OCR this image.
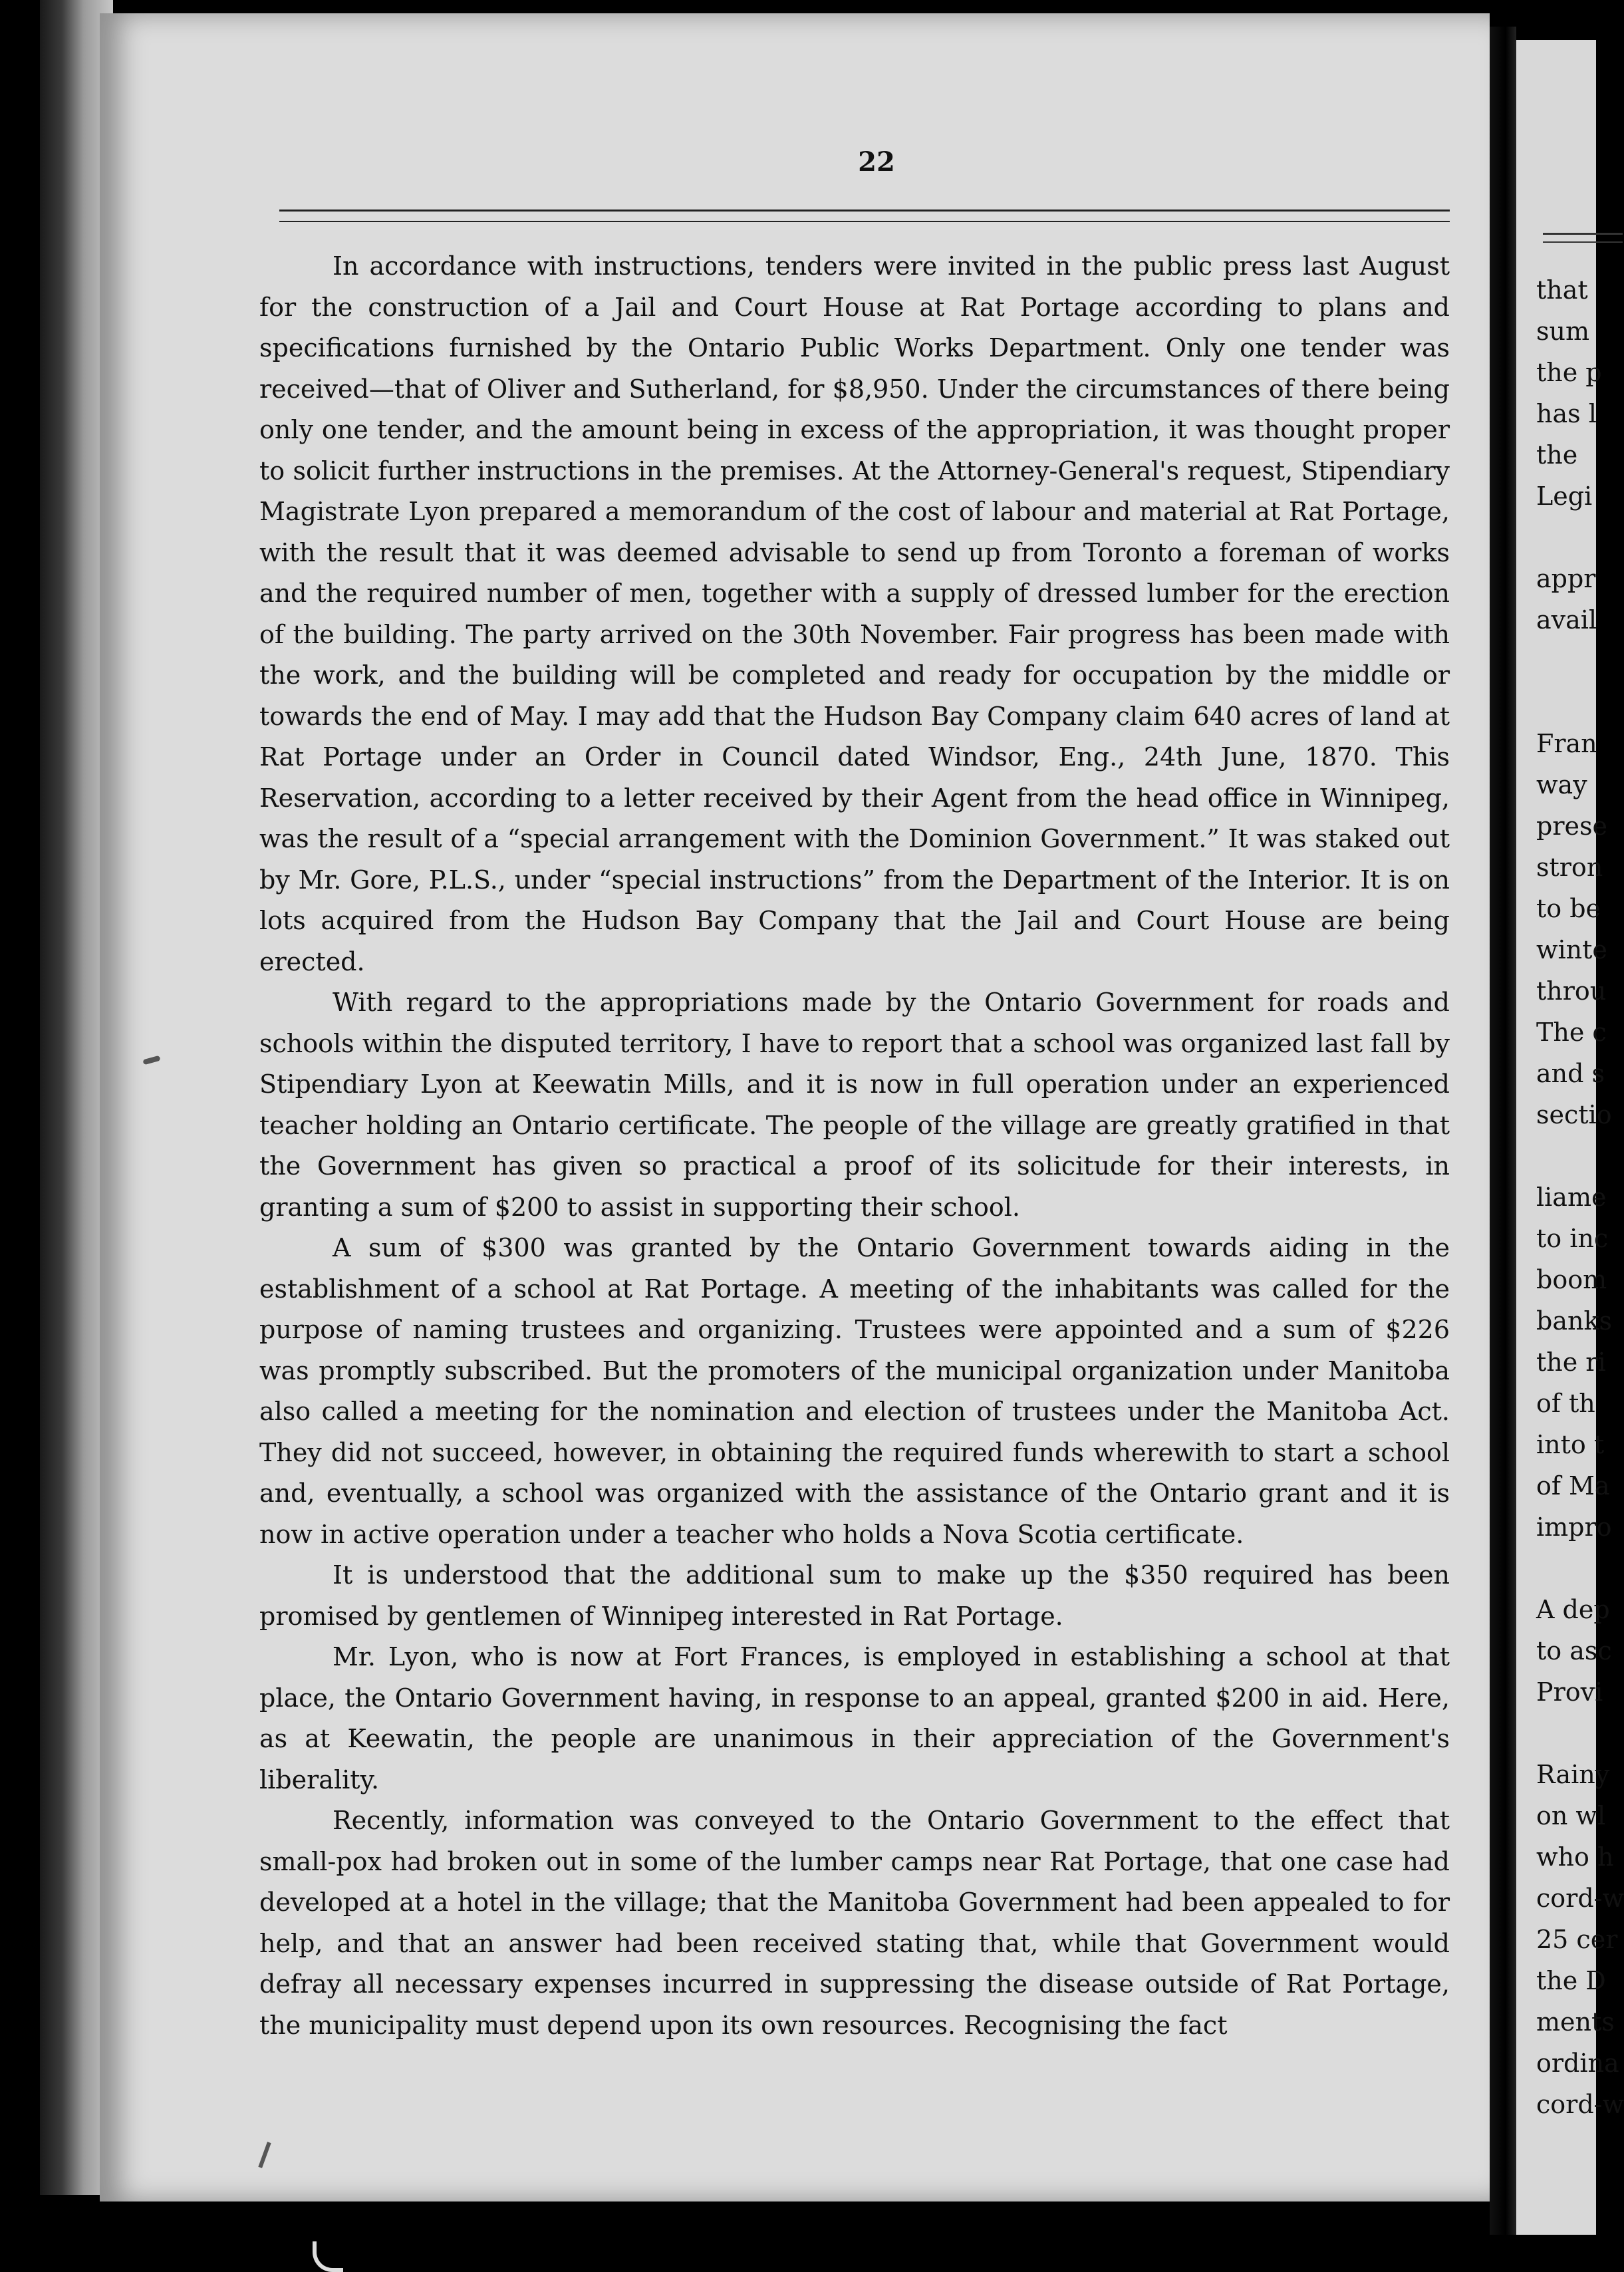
22

In accordance with instructions, tenders were invited in the public press last August for the construction of a Jail and Court House at Rat Portage according to plans and specifications furnished by the Ontario Public Works Department. Only one tender was received—that of Oliver and Sutherland, for $8,950. Under the circumstances of there being only one tender, and the amount being in excess of the appropriation, it was thought proper to solicit further instructions in the premises. At the Attorney-General's request, Stipendiary Magistrate Lyon prepared a memorandum of the cost of labour and material at Rat Portage, with the result that it was deemed advisable to send up from Toronto a foreman of works and the required number of men, together with a supply of dressed lumber for the erection of the building. The party arrived on the 30th November. Fair progress has been made with the work, and the building will be completed and ready for occupation by the middle or towards the end of May. I may add that the Hudson Bay Company claim 640 acres of land at Rat Portage under an Order in Council dated Windsor, Eng., 24th June, 1870. This Reservation, according to a letter received by their Agent from the head office in Winnipeg, was the result of a “special arrangement with the Dominion Government.” It was staked out by Mr. Gore, P.L.S., under “special instructions” from the Department of the Interior. It is on lots acquired from the Hudson Bay Company that the Jail and Court House are being erected.

With regard to the appropriations made by the Ontario Government for roads and schools within the disputed territory, I have to report that a school was organized last fall by Stipendiary Lyon at Keewatin Mills, and it is now in full operation under an experienced teacher holding an Ontario certificate. The people of the village are greatly gratified in that the Government has given so practical a proof of its solicitude for their interests, in granting a sum of $200 to assist in supporting their school.

A sum of $300 was granted by the Ontario Government towards aiding in the establishment of a school at Rat Portage. A meeting of the inhabitants was called for the purpose of naming trustees and organizing. Trustees were appointed and a sum of $226 was promptly subscribed. But the promoters of the municipal organization under Manitoba also called a meeting for the nomination and election of trustees under the Manitoba Act. They did not succeed, however, in obtaining the required funds wherewith to start a school and, eventually, a school was organized with the assistance of the Ontario grant and it is now in active operation under a teacher who holds a Nova Scotia certificate.

It is understood that the additional sum to make up the $350 required has been promised by gentlemen of Winnipeg interested in Rat Portage.

Mr. Lyon, who is now at Fort Frances, is employed in establishing a school at that place, the Ontario Government having, in response to an appeal, granted $200 in aid. Here, as at Keewatin, the people are unanimous in their appreciation of the Government's liberality.

Recently, information was conveyed to the Ontario Government to the effect that small-pox had broken out in some of the lumber camps near Rat Portage, that one case had developed at a hotel in the village; that the Manitoba Government had been appealed to for help, and that an answer had been received stating that, while that Government would defray all necessary expenses incurred in suppressing the disease outside of Rat Portage, the municipality must depend upon its own resources. Recognising the fact

that
sum
the p
has l
the
Legi
appr
avail
Fran
way
prese
stron
to be
winte
throu
The c
and s
sectio
liame
to inc
boom
banks
the ri
of th
into t
of Ma
impro
A dep
to asc
Provi
Rainy
on wl
who h
cord-w
25 cer
the D
ments
ordina
cord-w
